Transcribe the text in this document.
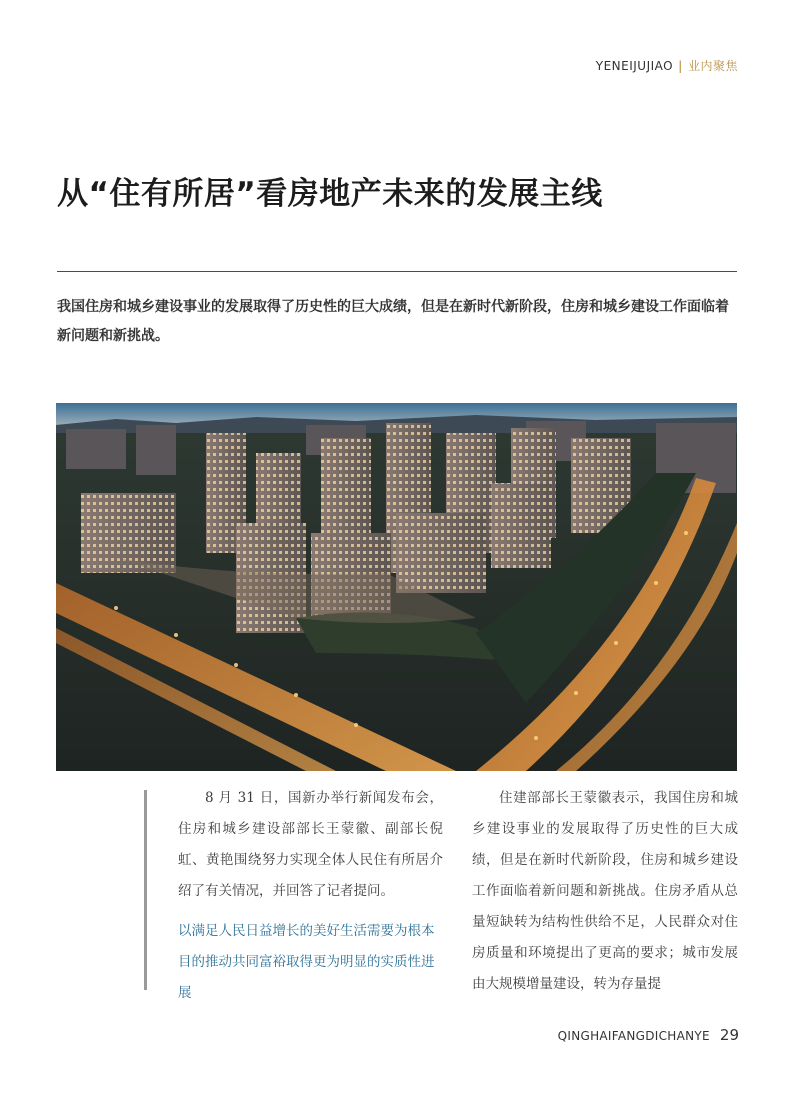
YENEIJUJIAO | 业内聚焦
从“住有所居”看房地产未来的发展主线

我国住房和城乡建设事业的发展取得了历史性的巨大成绩，但是在新时代新阶段，住房和城乡建设工作面临着新问题和新挑战。

8 月 31 日，国新办举行新闻发布会，住房和城乡建设部部长王蒙徽、副部长倪虹、黄艳围绕努力实现全体人民住有所居介绍了有关情况，并回答了记者提问。

以满足人民日益增长的美好生活需要为根本目的推动共同富裕取得更为明显的实质性进展

住建部部长王蒙徽表示，我国住房和城乡建设事业的发展取得了历史性的巨大成绩，但是在新时代新阶段，住房和城乡建设工作面临着新问题和新挑战。住房矛盾从总量短缺转为结构性供给不足，人民群众对住房质量和环境提出了更高的要求；城市发展由大规模增量建设，转为存量提

QINGHAIFANGDICHANYE 29
